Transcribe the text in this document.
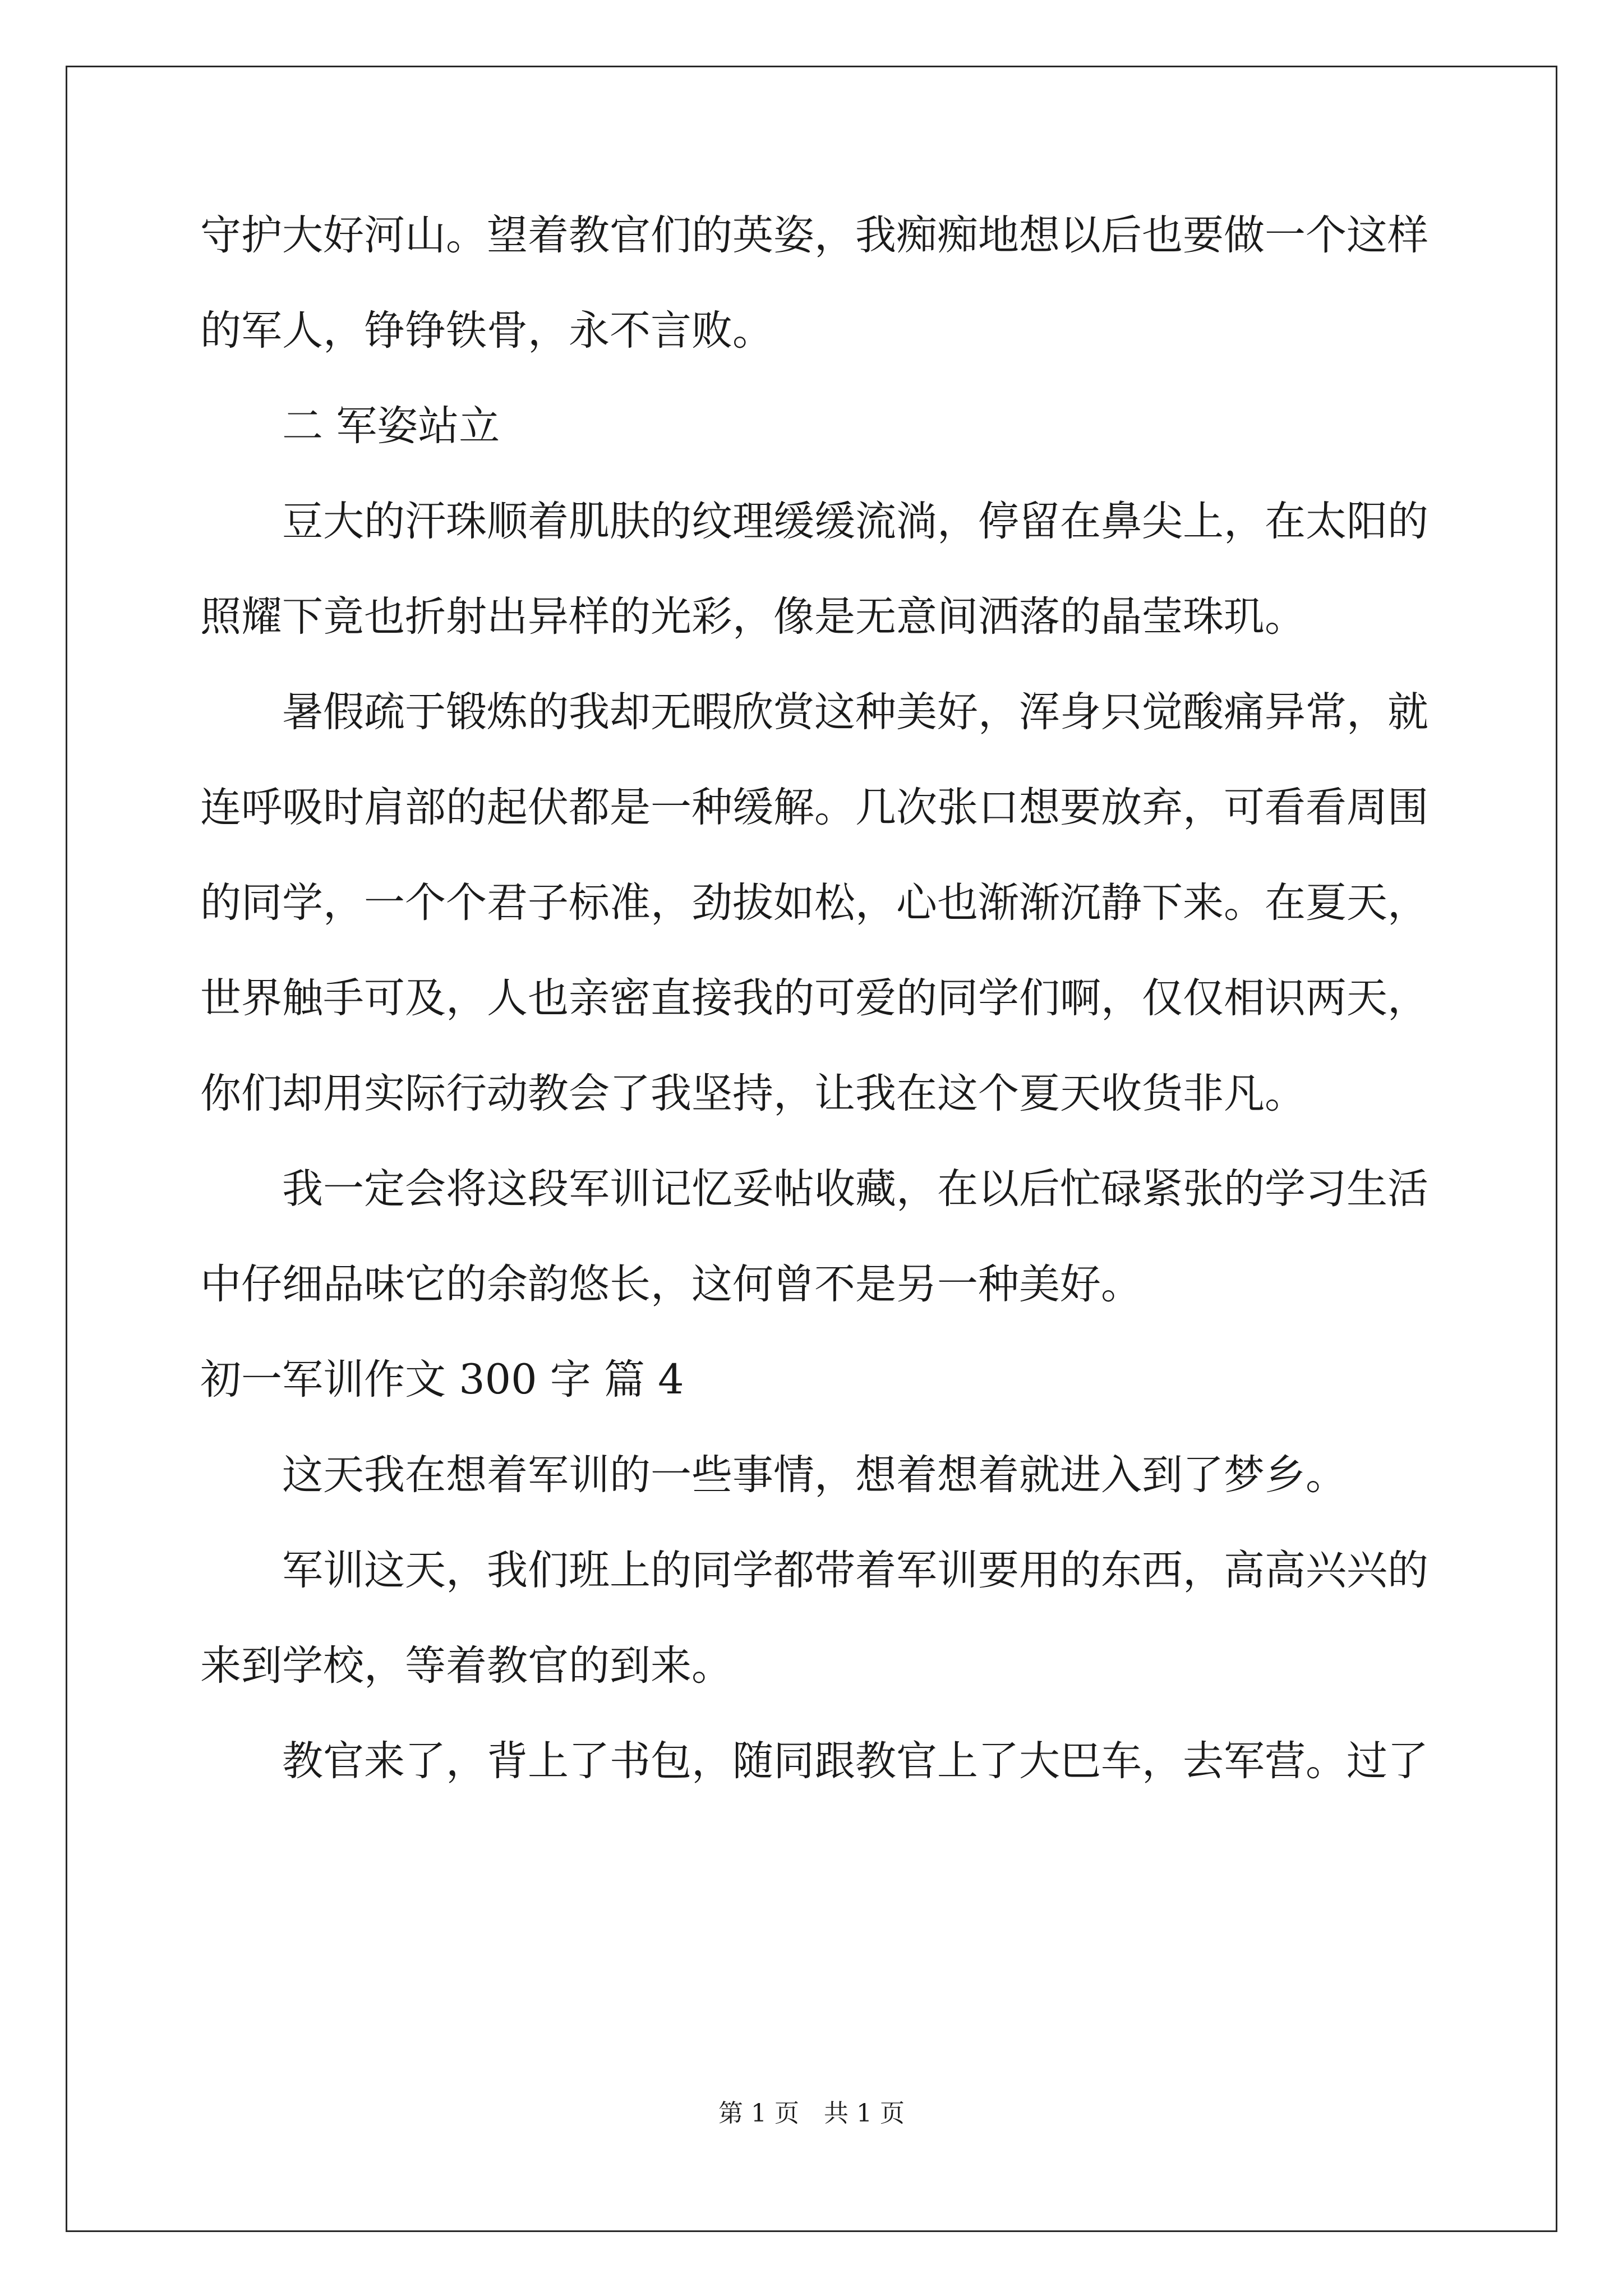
守护大好河山。望着教官们的英姿，我痴痴地想以后也要做一个这样
的军人，铮铮铁骨，永不言败。
　　二 军姿站立
　　豆大的汗珠顺着肌肤的纹理缓缓流淌，停留在鼻尖上，在太阳的
照耀下竟也折射出异样的光彩，像是无意间洒落的晶莹珠玑。
　　暑假疏于锻炼的我却无暇欣赏这种美好，浑身只觉酸痛异常，就
连呼吸时肩部的起伏都是一种缓解。几次张口想要放弃，可看看周围
的同学，一个个君子标准，劲拔如松，心也渐渐沉静下来。在夏天，
世界触手可及，人也亲密直接我的可爱的同学们啊，仅仅相识两天，
你们却用实际行动教会了我坚持，让我在这个夏天收货非凡。
　　我一定会将这段军训记忆妥帖收藏，在以后忙碌紧张的学习生活
中仔细品味它的余韵悠长，这何曾不是另一种美好。
初一军训作文 300 字 篇 4
　　这天我在想着军训的一些事情，想着想着就进入到了梦乡。
　　军训这天，我们班上的同学都带着军训要用的东西，高高兴兴的
来到学校，等着教官的到来。
　　教官来了，背上了书包，随同跟教官上了大巴车，去军营。过了
第 1 页　共 1 页
